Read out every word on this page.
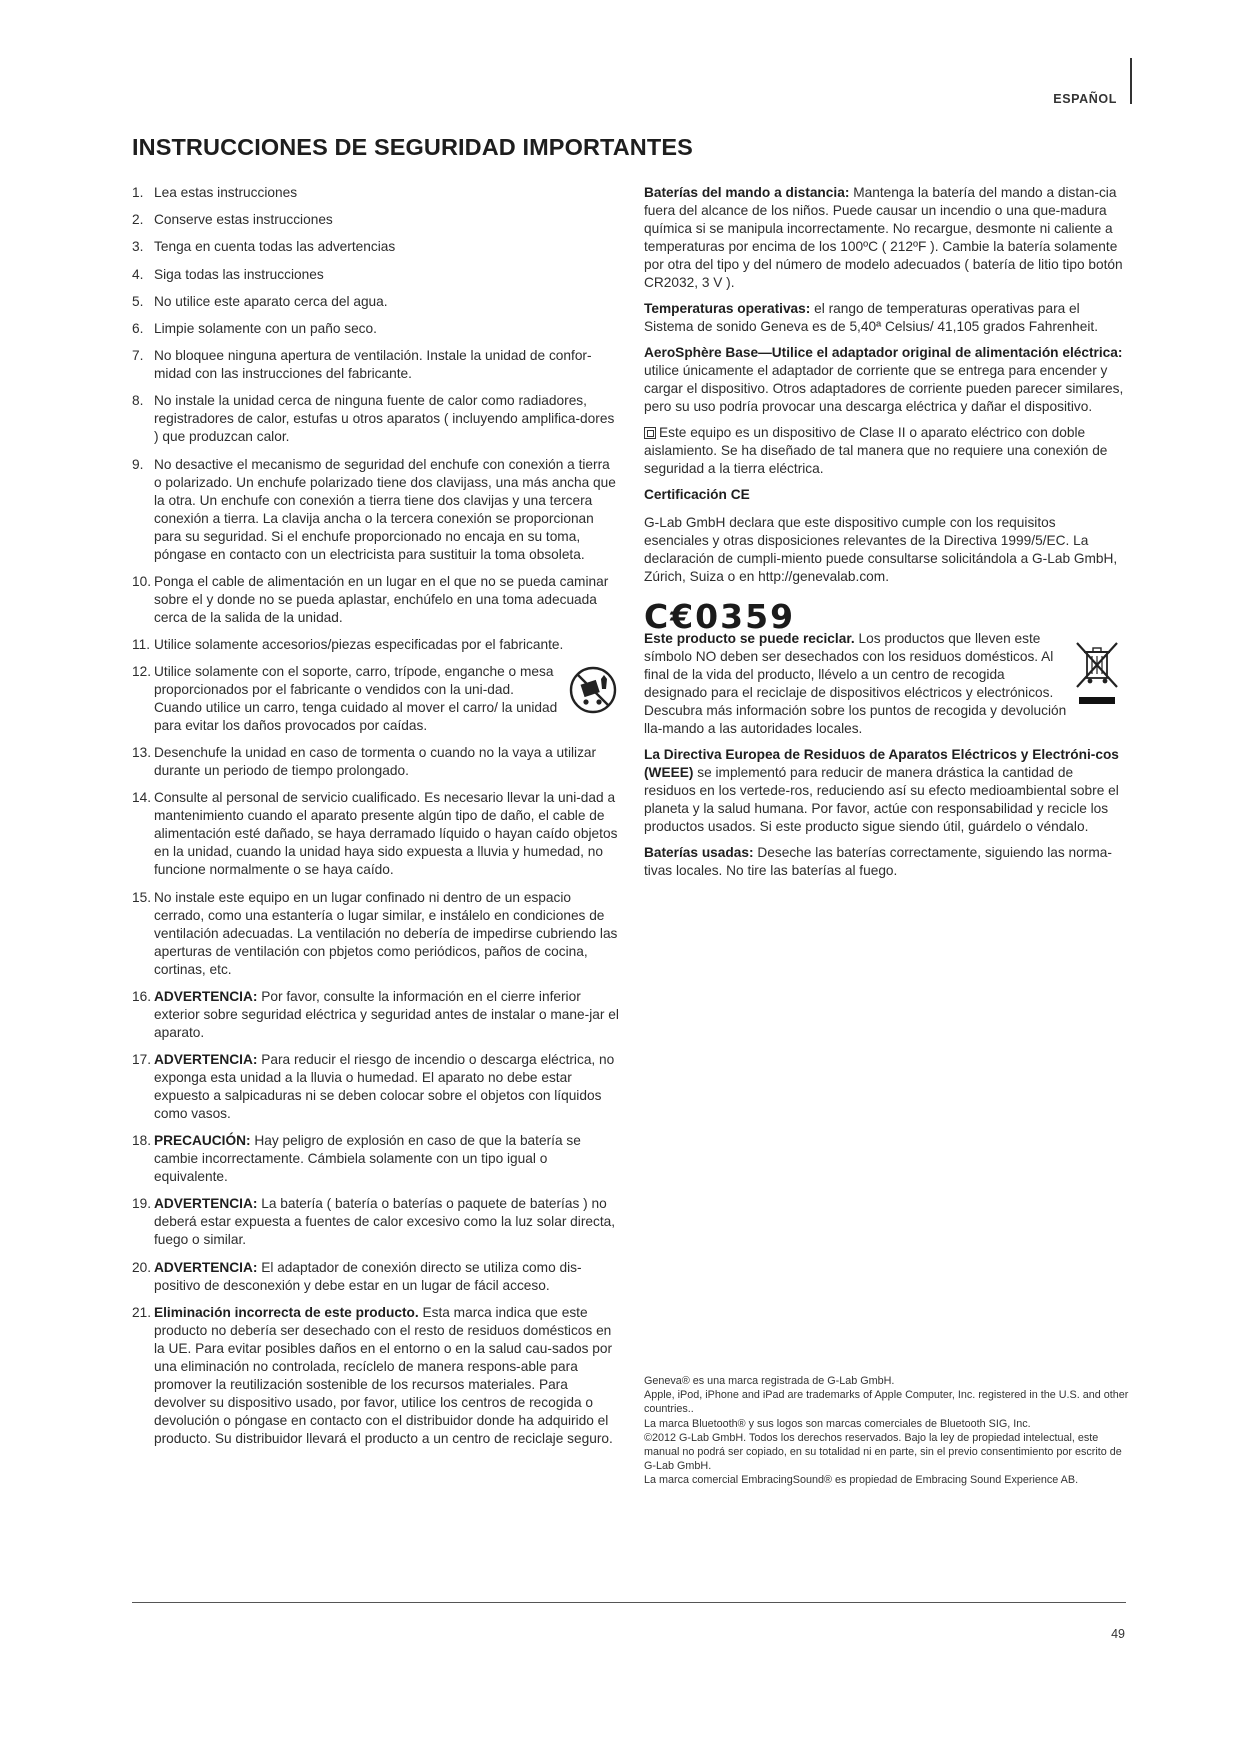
ESPAÑOL
INSTRUCCIONES DE SEGURIDAD IMPORTANTES
1. Lea estas instrucciones
2. Conserve estas instrucciones
3. Tenga en cuenta todas las advertencias
4. Siga todas las instrucciones
5. No utilice este aparato cerca del agua.
6. Limpie solamente con un paño seco.
7. No bloquee ninguna apertura de ventilación. Instale la unidad de confor-midad con las instrucciones del fabricante.
8. No instale la unidad cerca de ninguna fuente de calor como radiadores, registradores de calor, estufas u otros aparatos ( incluyendo amplifica-dores ) que produzcan calor.
9. No desactive el mecanismo de seguridad del enchufe con conexión a tierra o polarizado. Un enchufe polarizado tiene dos clavijass, una más ancha que la otra. Un enchufe con conexión a tierra tiene dos clavijas y una tercera conexión a tierra. La clavija ancha o la tercera conexión se proporcionan para su seguridad. Si el enchufe proporcionado no encaja en su toma, póngase en contacto con un electricista para sustituir la toma obsoleta.
10. Ponga el cable de alimentación en un lugar en el que no se pueda caminar sobre el y donde no se pueda aplastar, enchúfelo en una toma adecuada cerca de la salida de la unidad.
11. Utilice solamente accesorios/piezas especificadas por el fabricante.
12. Utilice solamente con el soporte, carro, trípode, enganche o mesa proporcionados por el fabricante o vendidos con la uni-dad. Cuando utilice un carro, tenga cuidado al mover el carro/ la unidad para evitar los daños provocados por caídas.
13. Desenchufe la unidad en caso de tormenta o cuando no la vaya a utilizar durante un periodo de tiempo prolongado.
14. Consulte al personal de servicio cualificado. Es necesario llevar la uni-dad a mantenimiento cuando el aparato presente algún tipo de daño, el cable de alimentación esté dañado, se haya derramado líquido o hayan caído objetos en la unidad, cuando la unidad haya sido expuesta a lluvia y humedad, no funcione normalmente o se haya caído.
15. No instale este equipo en un lugar confinado ni dentro de un espacio cerrado, como una estantería o lugar similar, e instálelo en condiciones de ventilación adecuadas. La ventilación no debería de impedirse cubriendo las aperturas de ventilación con pbjetos como periódicos, paños de cocina, cortinas, etc.
16. ADVERTENCIA: Por favor, consulte la información en el cierre inferior exterior sobre seguridad eléctrica y seguridad antes de instalar o mane-jar el aparato.
17. ADVERTENCIA: Para reducir el riesgo de incendio o descarga eléctrica, no exponga esta unidad a la lluvia o humedad. El aparato no debe estar expuesto a salpicaduras ni se deben colocar sobre el objetos con líquidos como vasos.
18. PRECAUCIÓN: Hay peligro de explosión en caso de que la batería se cambie incorrectamente. Cámbiela solamente con un tipo igual o equivalente.
19. ADVERTENCIA: La batería ( batería o baterías o paquete de baterías ) no deberá estar expuesta a fuentes de calor excesivo como la luz solar directa, fuego o similar.
20. ADVERTENCIA: El adaptador de conexión directo se utiliza como dis-positivo de desconexión y debe estar en un lugar de fácil acceso.
21. Eliminación incorrecta de este producto. Esta marca indica que este producto no debería ser desechado con el resto de residuos domésticos en la UE. Para evitar posibles daños en el entorno o en la salud cau-sados por una eliminación no controlada, recíclelo de manera respons-able para promover la reutilización sostenible de los recursos materiales. Para devolver su dispositivo usado, por favor, utilice los centros de recogida o devolución o póngase en contacto con el distribuidor donde ha adquirido el producto. Su distribuidor llevará el producto a un centro de reciclaje seguro.

Baterías del mando a distancia: Mantenga la batería del mando a distan-cia fuera del alcance de los niños. Puede causar un incendio o una que-madura química si se manipula incorrectamente. No recargue, desmonte ni caliente a temperaturas por encima de los 100ºC ( 212ºF ). Cambie la batería solamente por otra del tipo y del número de modelo adecuados ( batería de litio tipo botón CR2032, 3 V ).

Temperaturas operativas: el rango de temperaturas operativas para el Sistema de sonido Geneva es de 5,40ª Celsius/ 41,105 grados Fahrenheit.

AeroSphère Base—Utilice el adaptador original de alimentación eléctrica: utilice únicamente el adaptador de corriente que se entrega para encender y cargar el dispositivo. Otros adaptadores de corriente pueden parecer similares, pero su uso podría provocar una descarga eléctrica y dañar el dispositivo.

Este equipo es un dispositivo de Clase II o aparato eléctrico con doble aislamiento. Se ha diseñado de tal manera que no requiere una conexión de seguridad a la tierra eléctrica.

Certificación CE

G-Lab GmbH declara que este dispositivo cumple con los requisitos esenciales y otras disposiciones relevantes de la Directiva 1999/5/EC. La declaración de cumpli-miento puede consultarse solicitándola a G-Lab GmbH, Zúrich, Suiza o en http://genevalab.com.

C€0359

Este producto se puede reciclar. Los productos que lleven este símbolo NO deben ser desechados con los residuos domésticos. Al final de la vida del producto, llévelo a un centro de recogida designado para el reciclaje de dispositivos eléctricos y electrónicos. Descubra más información sobre los puntos de recogida y devolución lla-mando a las autoridades locales.

La Directiva Europea de Residuos de Aparatos Eléctricos y Electróni-cos (WEEE) se implementó para reducir de manera drástica la cantidad de residuos en los vertede-ros, reduciendo así su efecto medioambiental sobre el planeta y la salud humana. Por favor, actúe con responsabilidad y recicle los productos usados. Si este producto sigue siendo útil, guárdelo o véndalo.

Baterías usadas: Deseche las baterías correctamente, siguiendo las norma-tivas locales. No tire las baterías al fuego.

Geneva® es una marca registrada de G-Lab GmbH.

Apple, iPod, iPhone and iPad are trademarks of Apple Computer, Inc. registered in the U.S. and other countries..

La marca Bluetooth® y sus logos son marcas comerciales de Bluetooth SIG, Inc.

©2012 G-Lab GmbH. Todos los derechos reservados. Bajo la ley de propiedad intelectual, este manual no podrá ser copiado, en su totalidad ni en parte, sin el previo consentimiento por escrito de G-Lab GmbH.

La marca comercial EmbracingSound® es propiedad de Embracing Sound Experience AB.

49
